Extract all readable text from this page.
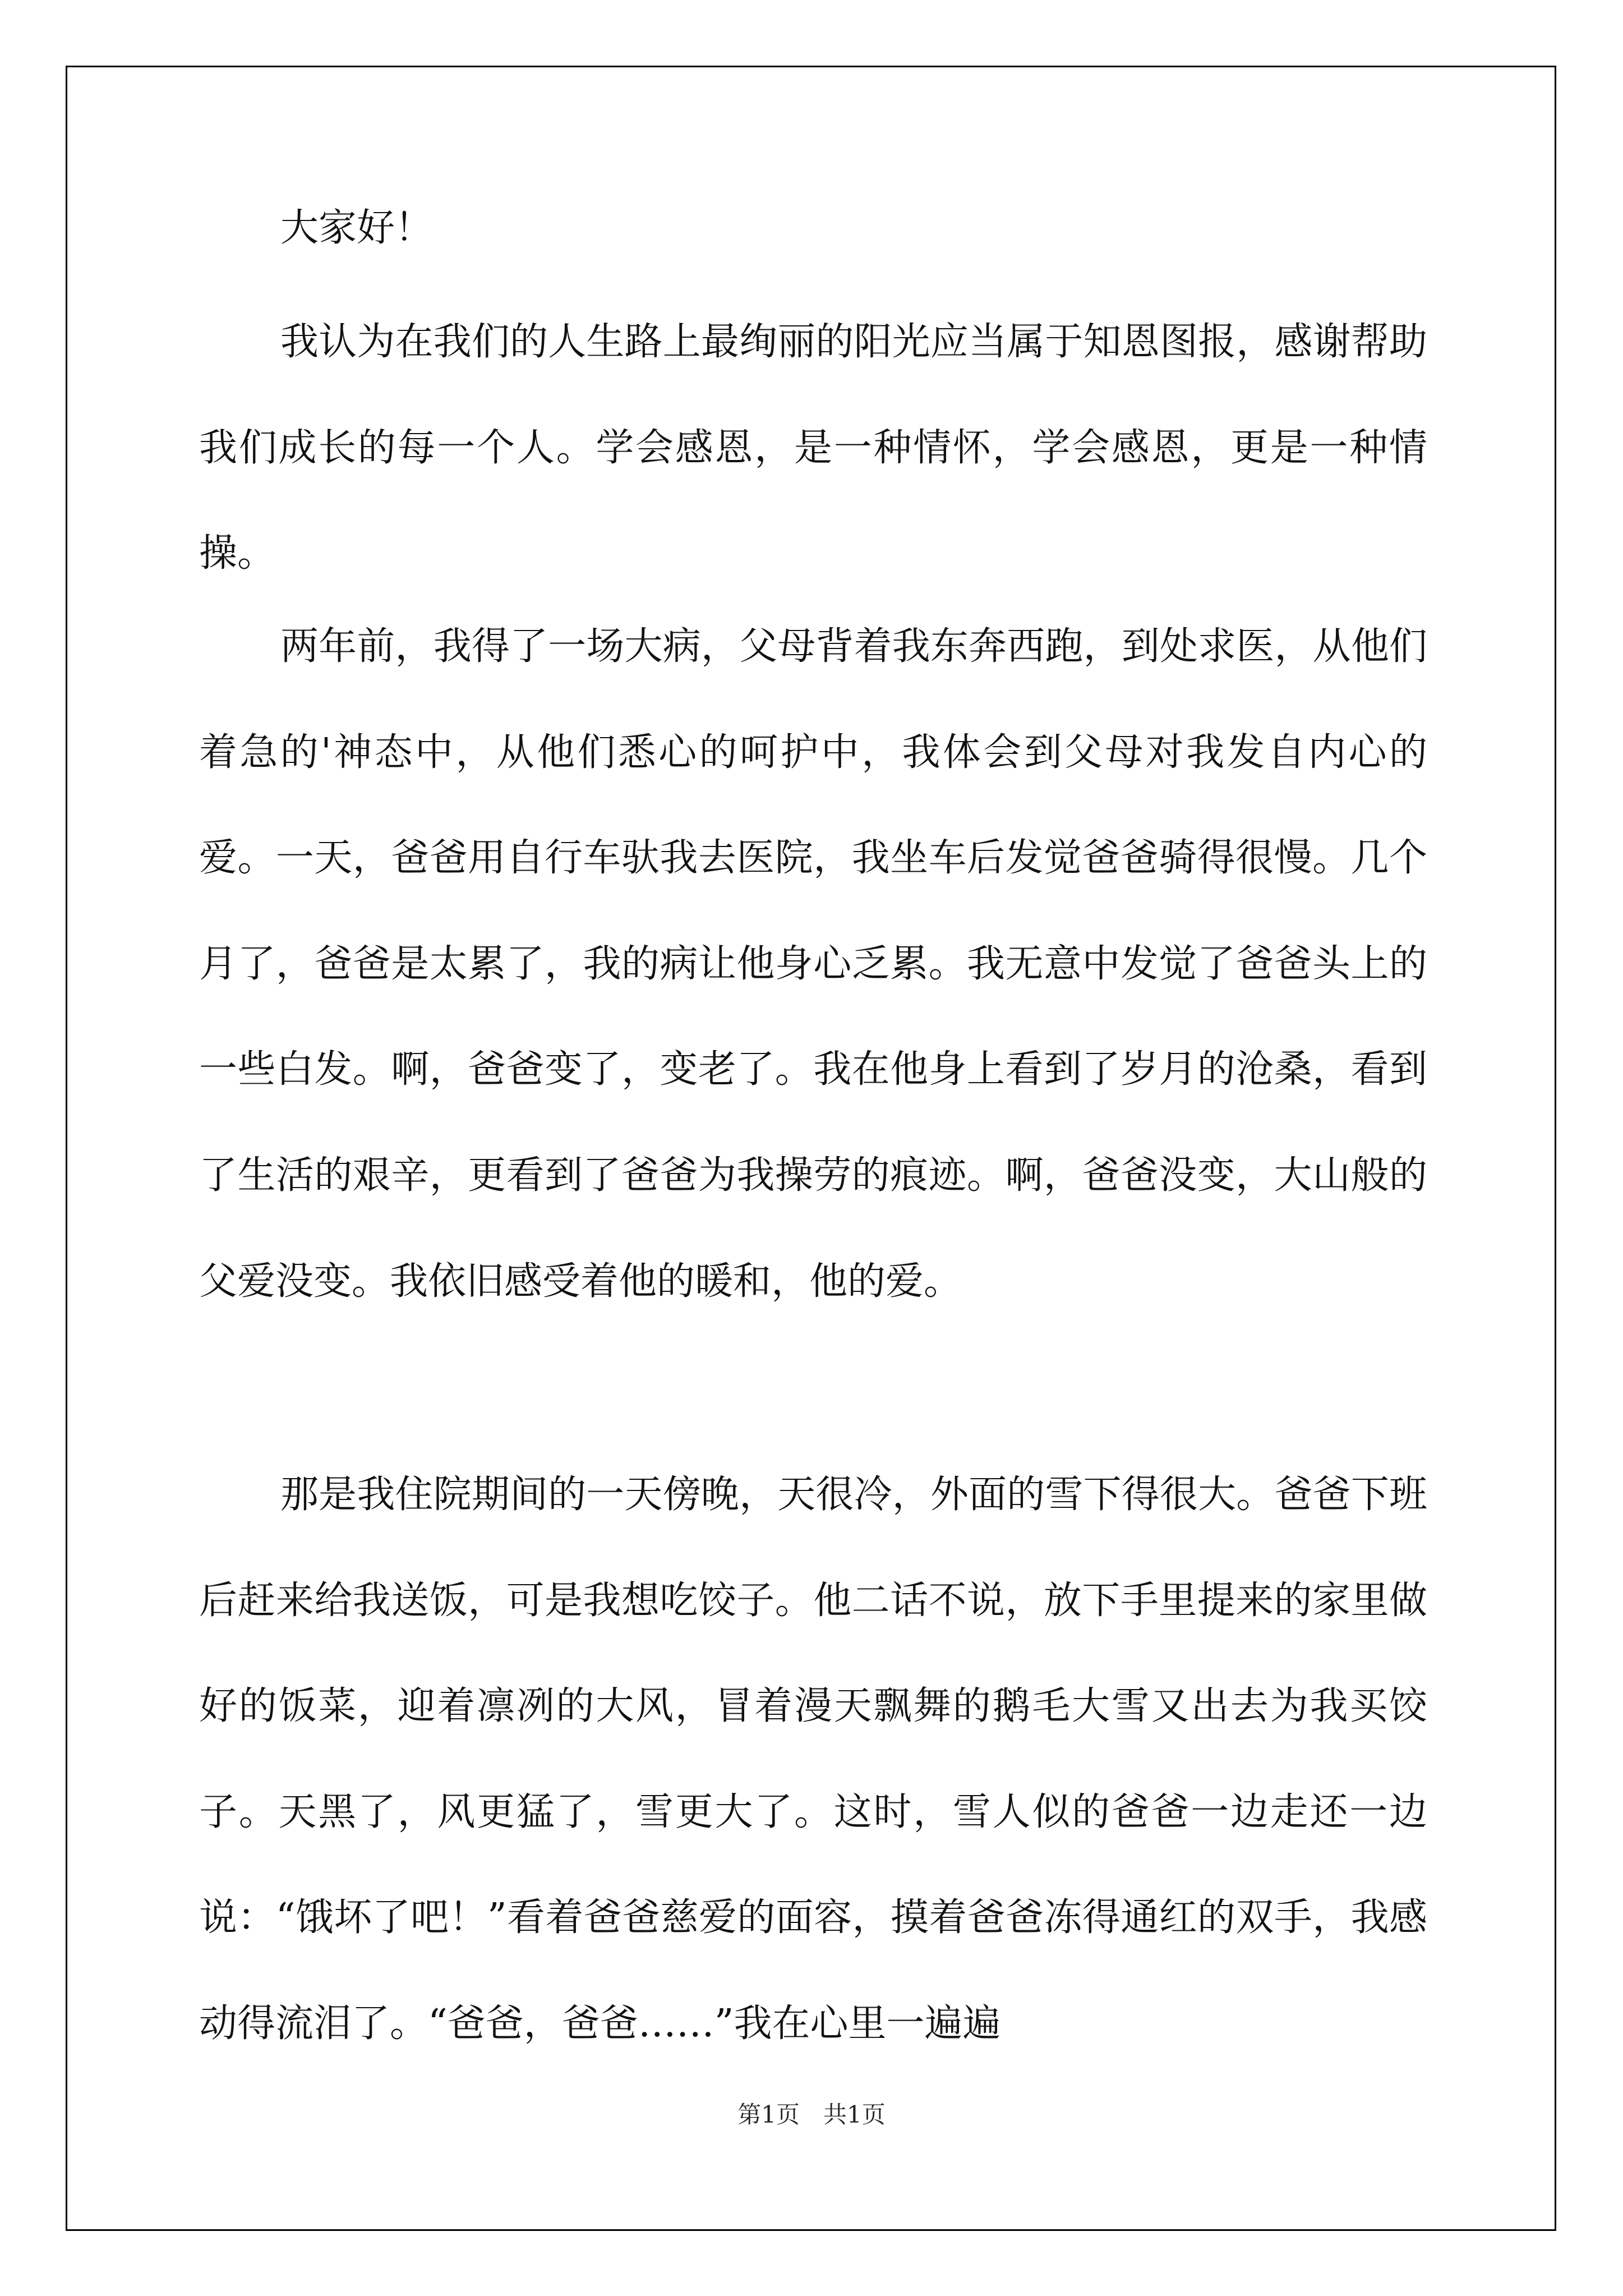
大家好！

我认为在我们的人生路上最绚丽的阳光应当属于知恩图报，感谢帮助我们成长的每一个人。学会感恩，是一种情怀，学会感恩，更是一种情操。

两年前，我得了一场大病，父母背着我东奔西跑，到处求医，从他们着急的'神态中，从他们悉心的呵护中，我体会到父母对我发自内心的爱。一天，爸爸用自行车驮我去医院，我坐车后发觉爸爸骑得很慢。几个月了，爸爸是太累了，我的病让他身心乏累。我无意中发觉了爸爸头上的一些白发。啊，爸爸变了，变老了。我在他身上看到了岁月的沧桑，看到了生活的艰辛，更看到了爸爸为我操劳的痕迹。啊，爸爸没变，大山般的父爱没变。我依旧感受着他的暖和，他的爱。

那是我住院期间的一天傍晚，天很冷，外面的雪下得很大。爸爸下班后赶来给我送饭，可是我想吃饺子。他二话不说，放下手里提来的家里做好的饭菜，迎着凛冽的大风，冒着漫天飘舞的鹅毛大雪又出去为我买饺子。天黑了，风更猛了，雪更大了。这时，雪人似的爸爸一边走还一边说：“饿坏了吧！”看着爸爸慈爱的面容，摸着爸爸冻得通红的双手，我感动得流泪了。“爸爸，爸爸……”我在心里一遍遍

第1页　共1页
